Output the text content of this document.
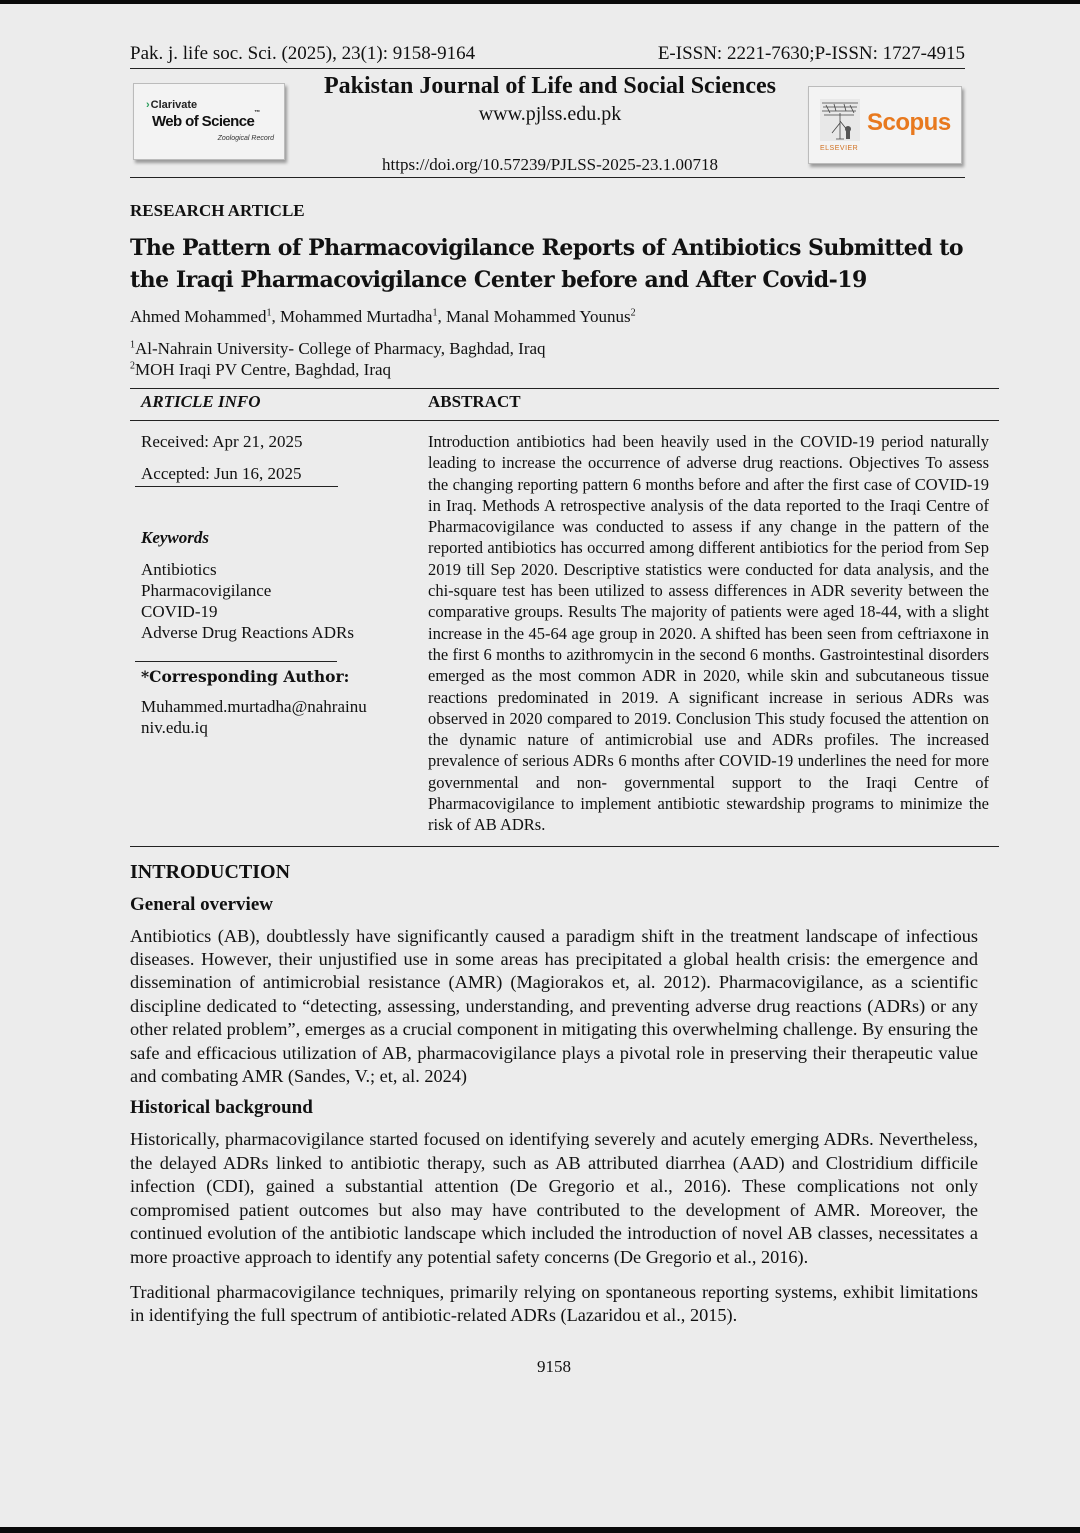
Pak. j. life soc. Sci. (2025), 23(1): 9158-9164	E-ISSN: 2221-7630;P-ISSN: 1727-4915
›Clarivate
Web of Science™
Zoological Record
Pakistan Journal of Life and Social Sciences
www.pjlss.edu.pk
https://doi.org/10.57239/PJLSS-2025-23.1.00718
ELSEVIER
Scopus
RESEARCH ARTICLE
The Pattern of Pharmacovigilance Reports of Antibiotics Submitted to the Iraqi Pharmacovigilance Center before and After Covid-19
Ahmed Mohammed$^1$, Mohammed Murtadha$^1$, Manal Mohammed Younus$^2$
$^1$Al-Nahrain University- College of Pharmacy, Baghdad, Iraq
$^2$MOH Iraqi PV Centre, Baghdad, Iraq
ARTICLE INFO	ABSTRACT
Received: Apr 21, 2025
Accepted: Jun 16, 2025
Keywords
Antibiotics
Pharmacovigilance
COVID-19
Adverse Drug Reactions ADRs
*Corresponding Author:
Muhammed.murtadha@nahrainu
niv.edu.iq
Introduction antibiotics had been heavily used in the COVID-19 period naturally leading to increase the occurrence of adverse drug reactions. Objectives To assess the changing reporting pattern 6 months before and after the first case of COVID-19 in Iraq. Methods A retrospective analysis of the data reported to the Iraqi Centre of Pharmacovigilance was conducted to assess if any change in the pattern of the reported antibiotics has occurred among different antibiotics for the period from Sep 2019 till Sep 2020. Descriptive statistics were conducted for data analysis, and the chi-square test has been utilized to assess differences in ADR severity between the comparative groups. Results The majority of patients were aged 18-44, with a slight increase in the 45-64 age group in 2020. A shifted has been seen from ceftriaxone in the first 6 months to azithromycin in the second 6 months. Gastrointestinal disorders emerged as the most common ADR in 2020, while skin and subcutaneous tissue reactions predominated in 2019. A significant increase in serious ADRs was observed in 2020 compared to 2019. Conclusion This study focused the attention on the dynamic nature of antimicrobial use and ADRs profiles. The increased prevalence of serious ADRs 6 months after COVID-19 underlines the need for more governmental and non- governmental support to the Iraqi Centre of Pharmacovigilance to implement antibiotic stewardship programs to minimize the risk of AB ADRs.
INTRODUCTION
General overview
Antibiotics (AB), doubtlessly have significantly caused a paradigm shift in the treatment landscape of infectious diseases. However, their unjustified use in some areas has precipitated a global health crisis: the emergence and dissemination of antimicrobial resistance (AMR) (Magiorakos et, al. 2012). Pharmacovigilance, as a scientific discipline dedicated to “detecting, assessing, understanding, and preventing adverse drug reactions (ADRs) or any other related problem”, emerges as a crucial component in mitigating this overwhelming challenge. By ensuring the safe and efficacious utilization of AB, pharmacovigilance plays a pivotal role in preserving their therapeutic value and combating AMR (Sandes, V.; et, al. 2024)
Historical background
Historically, pharmacovigilance started focused on identifying severely and acutely emerging ADRs. Nevertheless, the delayed ADRs linked to antibiotic therapy, such as AB attributed diarrhea (AAD) and Clostridium difficile infection (CDI), gained a substantial attention (De Gregorio et al., 2016). These complications not only compromised patient outcomes but also may have contributed to the development of AMR. Moreover, the continued evolution of the antibiotic landscape which included the introduction of novel AB classes, necessitates a more proactive approach to identify any potential safety concerns (De Gregorio et al., 2016).
Traditional pharmacovigilance techniques, primarily relying on spontaneous reporting systems, exhibit limitations in identifying the full spectrum of antibiotic-related ADRs (Lazaridou et al., 2015).
9158
